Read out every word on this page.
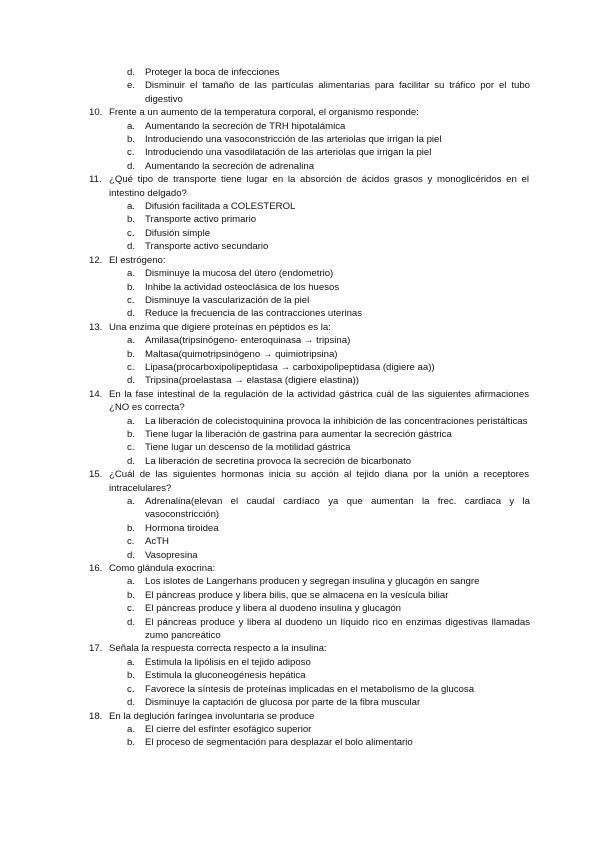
d. Proteger la boca de infecciones
e. Disminuir el tamaño de las partículas alimentarias para facilitar su tráfico por el tubo digestivo
10. Frente a un aumento de la temperatura corporal, el organismo responde:
a. Aumentando la secreción de TRH hipotalámica
b. Introduciendo una vasoconstricción de las arteriolas que irrigan la piel
c. Introduciendo una vasodilatación de las arteriolas que irrigan la piel
d. Aumentando la secreción de adrenalina
11. ¿Qué tipo de transporte tiene lugar en la absorción de ácidos grasos y monoglicéridos en el intestino delgado?
a. Difusión facilitada a COLESTEROL
b. Transporte activo primario
c. Difusión simple
d. Transporte activo secundario
12. El estrógeno:
a. Disminuye la mucosa del útero (endometrio)
b. Inhibe la actividad osteoclásica de los huesos
c. Disminuye la vascularización de la piel
d. Reduce la frecuencia de las contracciones uterinas
13. Una enzima que digiere proteínas en péptidos es la:
a. Amilasa(tripsinógeno- enteroquinasa → tripsina)
b. Maltasa(quimotripsinógeno → quimiotripsina)
c. Lipasa(procarboxipolipeptidasa → carboxipolipeptidasa (digiere aa))
d. Tripsina(proelastasa → elastasa (digiere elastina))
14. En la fase intestinal de la regulación de la actividad gástrica cuál de las siguientes afirmaciones ¿NO es correcta?
a. La liberación de colecistoquinina provoca la inhibición de las concentraciones peristálticas
b. Tiene lugar la liberación de gastrina para aumentar la secreción gástrica
c. Tiene lugar un descenso de la motilidad gástrica
d. La liberación de secretina provoca la secreción de bicarbonato
15. ¿Cuál de las siguientes hormonas inicia su acción al tejido diana por la unión a receptores intracelulares?
a. Adrenalina(elevan el caudal cardíaco ya que aumentan la frec. cardiaca y la vasoconstricción)
b. Hormona tiroidea
c. AcTH
d. Vasopresina
16. Como glándula exocrina:
a. Los islotes de Langerhans producen y segregan insulina y glucagón en sangre
b. El páncreas produce y libera bilis, que se almacena en la vesícula biliar
c. El páncreas produce y libera al duodeno insulina y glucagón
d. El páncreas produce y libera al duodeno un líquido rico en enzimas digestivas llamadas zumo pancreático
17. Señala la respuesta correcta respecto a la insulina:
a. Estimula la lipólisis en el tejido adiposo
b. Estimula la gluconeogénesis hepática
c. Favorece la síntesis de proteínas implicadas en el metabolismo de la glucosa
d. Disminuye la captación de glucosa por parte de la fibra muscular
18. En la deglución faríngea involuntaria se produce
a. El cierre del esfínter esofágico superior
b. El proceso de segmentación para desplazar el bolo alimentario
